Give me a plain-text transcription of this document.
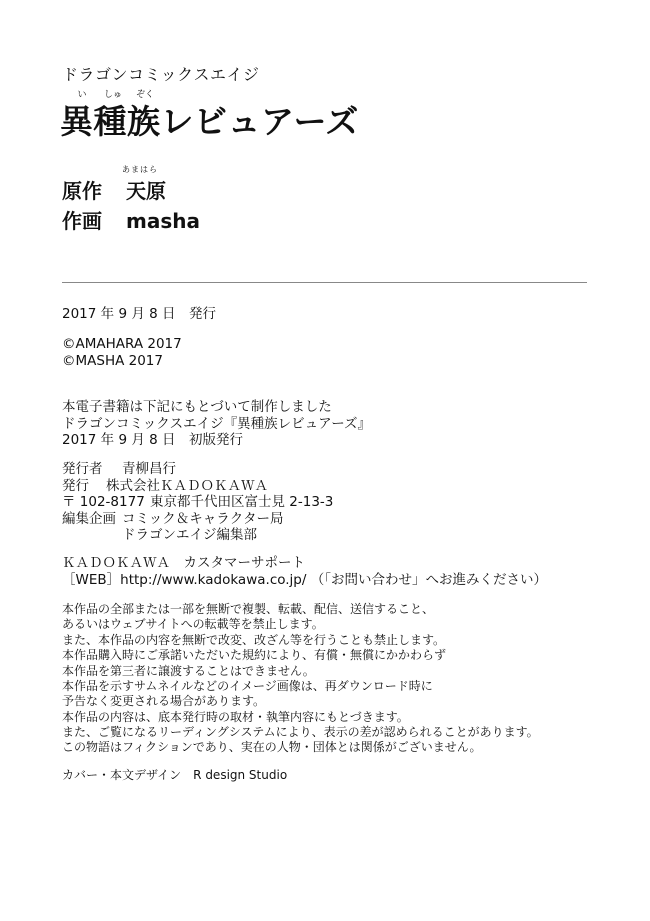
ドラゴンコミックスエイジ
い	しゅ	ぞく
異種族レビュアーズ
あまはら
原作 天原
作画 masha
2017 年 9 月 8 日　発行
©AMAHARA 2017
©MASHA 2017
本電子書籍は下記にもとづいて制作しました
ドラゴンコミックスエイジ『異種族レビュアーズ』
2017 年 9 月 8 日　初版発行
発行者 青柳昌行
発行 株式会社ＫＡＤＯＫＡＷＡ
〒 102-8177 東京都千代田区富士見 2-13-3
編集企画 コミック＆キャラクター局
ドラゴンエイジ編集部
ＫＡＤＯＫＡＷＡ　カスタマーサポート
［WEB］http://www.kadokawa.co.jp/ （「お問い合わせ」へお進みください）
本作品の全部または一部を無断で複製、転載、配信、送信すること、
あるいはウェブサイトへの転載等を禁止します。
また、本作品の内容を無断で改変、改ざん等を行うことも禁止します。
本作品購入時にご承諾いただいた規約により、有償・無償にかかわらず
本作品を第三者に譲渡することはできません。
本作品を示すサムネイルなどのイメージ画像は、再ダウンロード時に
予告なく変更される場合があります。
本作品の内容は、底本発行時の取材・執筆内容にもとづきます。
また、ご覧になるリーディングシステムにより、表示の差が認められることがあります。
この物語はフィクションであり、実在の人物・団体とは関係がございません。
カバー・本文デザイン　R design Studio
